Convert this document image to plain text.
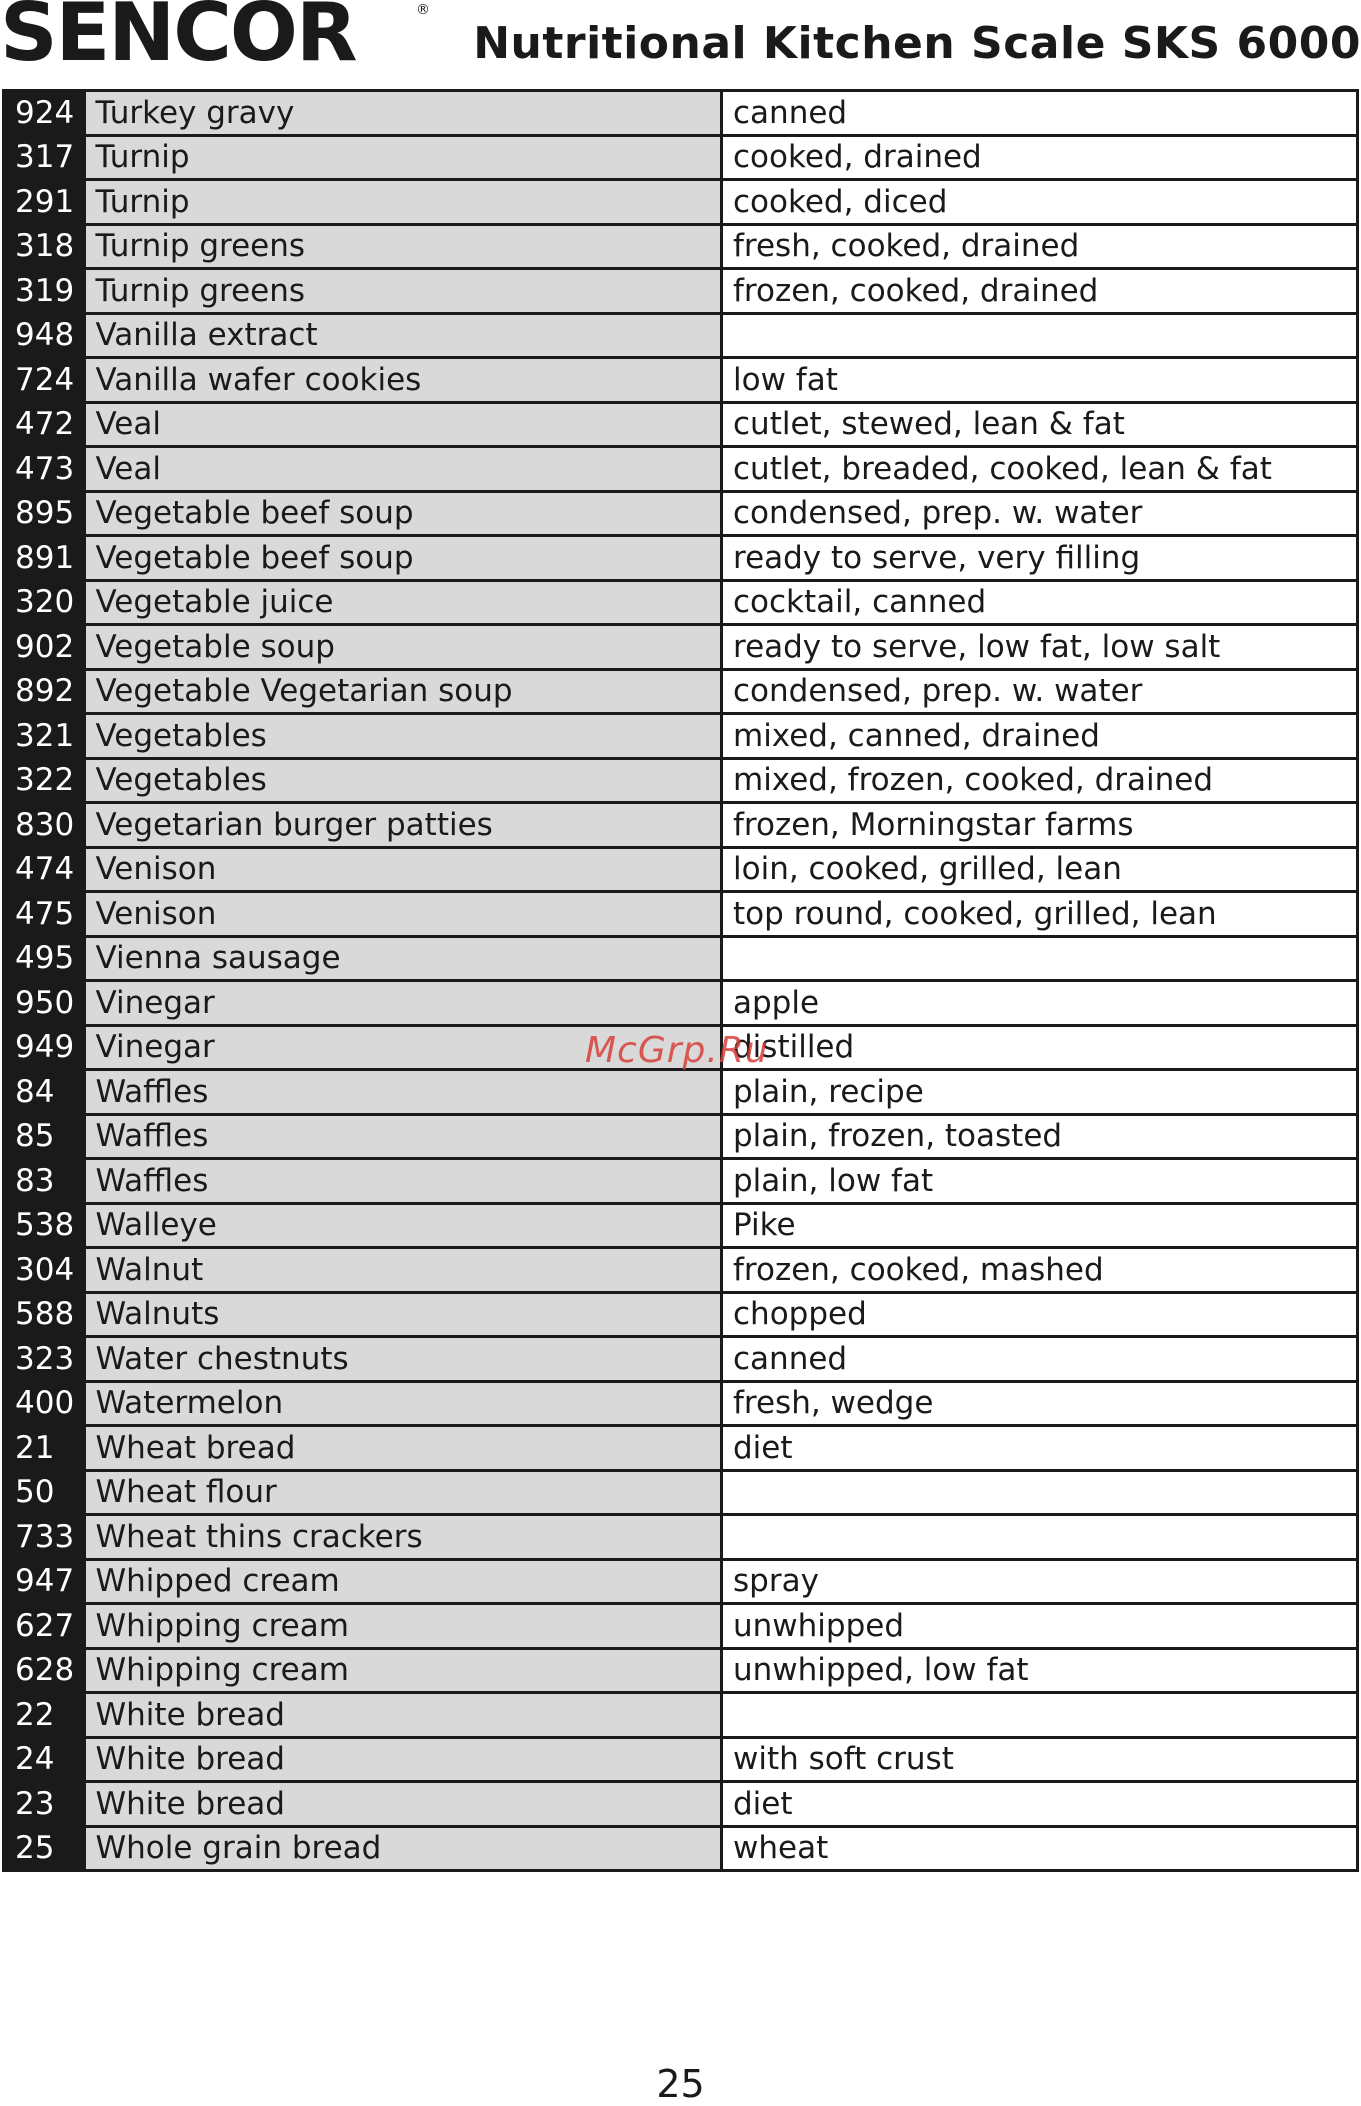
SENCOR	®
Nutritional Kitchen Scale SKS 6000
924	Turkey gravy	canned
317	Turnip	cooked, drained
291	Turnip	cooked, diced
318	Turnip greens	fresh, cooked, drained
319	Turnip greens	frozen, cooked, drained
948	Vanilla extract	
724	Vanilla wafer cookies	low fat
472	Veal	cutlet, stewed, lean & fat
473	Veal	cutlet, breaded, cooked, lean & fat
895	Vegetable beef soup	condensed, prep. w. water
891	Vegetable beef soup	ready to serve, very filling
320	Vegetable juice	cocktail, canned
902	Vegetable soup	ready to serve, low fat, low salt
892	Vegetable Vegetarian soup	condensed, prep. w. water
321	Vegetables	mixed, canned, drained
322	Vegetables	mixed, frozen, cooked, drained
830	Vegetarian burger patties	frozen, Morningstar farms
474	Venison	loin, cooked, grilled, lean
475	Venison	top round, cooked, grilled, lean
495	Vienna sausage	
950	Vinegar	apple
949	Vinegar	distilled
84	Waffles	plain, recipe
85	Waffles	plain, frozen, toasted
83	Waffles	plain, low fat
538	Walleye	Pike
304	Walnut	frozen, cooked, mashed
588	Walnuts	chopped
323	Water chestnuts	canned
400	Watermelon	fresh, wedge
21	Wheat bread	diet
50	Wheat flour	
733	Wheat thins crackers	
947	Whipped cream	spray
627	Whipping cream	unwhipped
628	Whipping cream	unwhipped, low fat
22	White bread	
24	White bread	with soft crust
23	White bread	diet
25	Whole grain bread	wheat
McGrp.Ru
25
